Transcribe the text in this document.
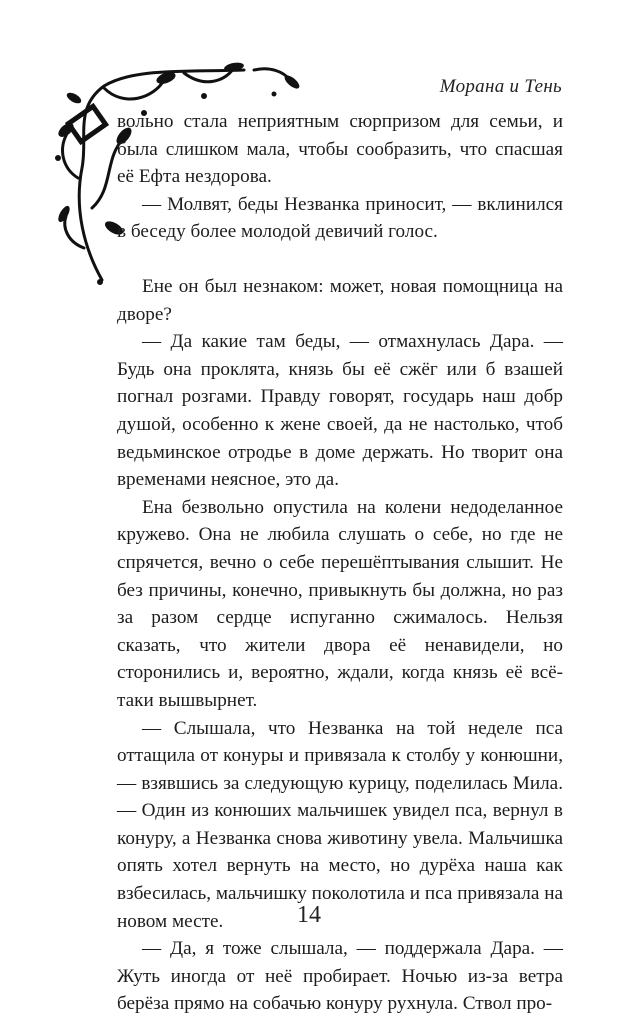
Морана и Тень

вольно стала неприятным сюрпризом для семьи, и была слишком мала, чтобы сообразить, что спасшая её Ефта нездорова.

— Молвят, беды Незванка приносит, — вклинился в беседу более молодой девичий голос.

Ене он был незнаком: может, новая помощница на дворе?

— Да какие там беды, — отмахнулась Дара. — Будь она проклята, князь бы её сжёг или б взашей погнал розгами. Правду говорят, государь наш добр душой, особенно к жене своей, да не настолько, чтоб ведьминское отродье в доме держать. Но творит она временами неясное, это да.

Ена безвольно опустила на колени недоделанное кружево. Она не любила слушать о себе, но где не спрячется, вечно о себе перешёптывания слышит. Не без причины, конечно, привыкнуть бы должна, но раз за разом сердце испуганно сжималось. Нельзя сказать, что жители двора её ненавидели, но сторонились и, вероятно, ждали, когда князь её всё-таки вышвырнет.

— Слышала, что Незванка на той неделе пса оттащила от конуры и привязала к столбу у конюшни, — взявшись за следующую курицу, поделилась Мила. — Один из конюших мальчишек увидел пса, вернул в конуру, а Незванка снова животину увела. Мальчишка опять хотел вернуть на место, но дурёха наша как взбесилась, мальчишку поколотила и пса привязала на новом месте.

— Да, я тоже слышала, — поддержала Дара. — Жуть иногда от неё пробирает. Ночью из-за ветра берёза прямо на собачью конуру рухнула. Ствол про-

14
